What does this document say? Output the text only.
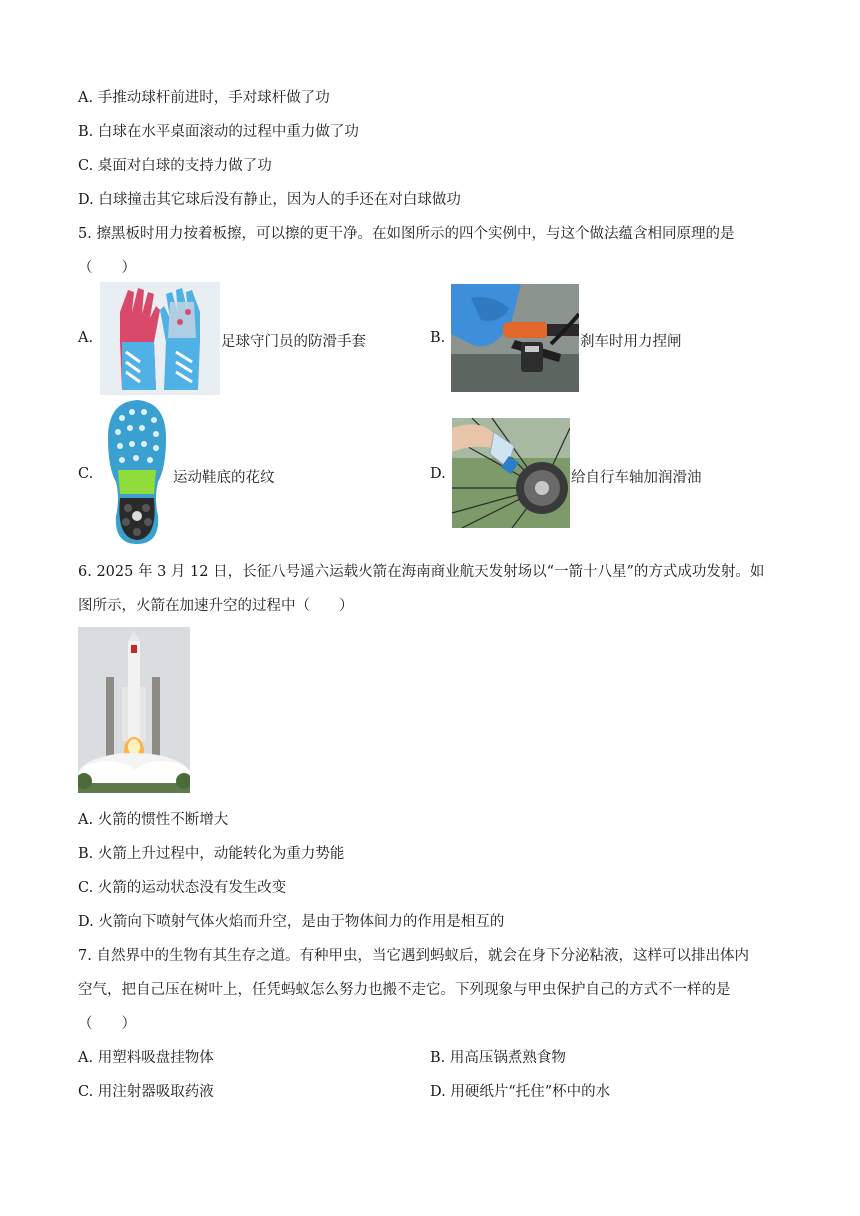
A. 手推动球杆前进时，手对球杆做了功
B. 白球在水平桌面滚动的过程中重力做了功
C. 桌面对白球的支持力做了功
D. 白球撞击其它球后没有静止，因为人的手还在对白球做功
5. 擦黑板时用力按着板擦，可以擦的更干净。在如图所示的四个实例中，与这个做法蕴含相同原理的是
（　　）
A.	足球守门员的防滑手套	B.	刹车时用力捏闸
C.	运动鞋底的花纹	D.	给自行车轴加润滑油
6. 2025 年 3 月 12 日，长征八号遥六运载火箭在海南商业航天发射场以“一箭十八星”的方式成功发射。如
图所示，火箭在加速升空的过程中（　　）
A. 火箭的惯性不断增大
B. 火箭上升过程中，动能转化为重力势能
C. 火箭的运动状态没有发生改变
D. 火箭向下喷射气体火焰而升空，是由于物体间力的作用是相互的
7. 自然界中的生物有其生存之道。有种甲虫，当它遇到蚂蚁后，就会在身下分泌粘液，这样可以排出体内
空气，把自己压在树叶上，任凭蚂蚁怎么努力也搬不走它。下列现象与甲虫保护自己的方式不一样的是
（　　）
A. 用塑料吸盘挂物体	B. 用高压锅煮熟食物
C. 用注射器吸取药液	D. 用硬纸片“托住”杯中的水
